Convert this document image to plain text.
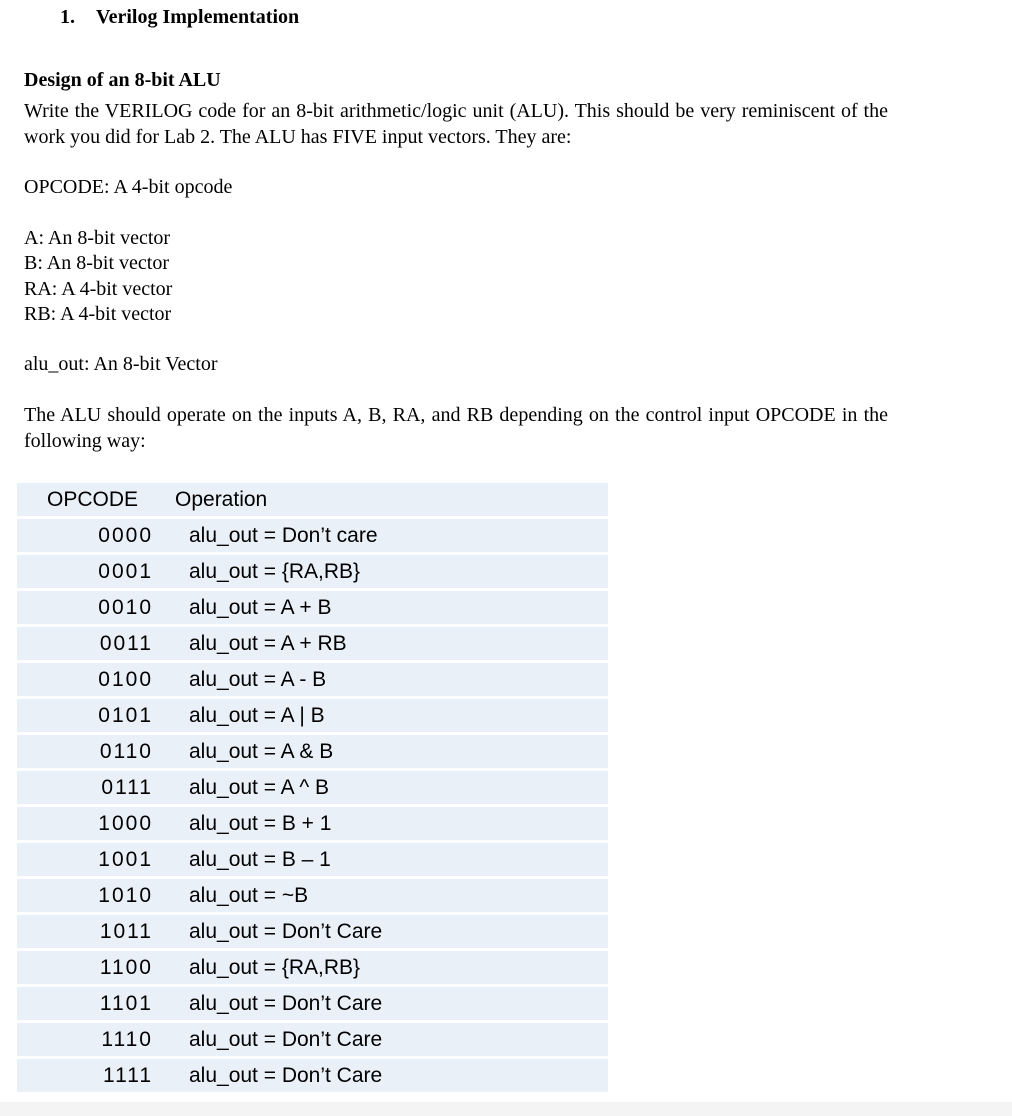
1. Verilog Implementation
Design of an 8-bit ALU

Write the VERILOG code for an 8-bit arithmetic/logic unit (ALU). This should be very reminiscent of the work you did for Lab 2. The ALU has FIVE input vectors. They are:

OPCODE: A 4-bit opcode

A: An 8-bit vector

B: An 8-bit vector

RA: A 4-bit vector

RB: A 4-bit vector

alu_out: An 8-bit Vector

The ALU should operate on the inputs A, B, RA, and RB depending on the control input OPCODE in the following way:

OPCODE	Operation
0000	alu_out = Don’t care
0001	alu_out = {RA,RB}
0010	alu_out = A + B
0011	alu_out = A + RB
0100	alu_out = A - B
0101	alu_out = A | B
0110	alu_out = A & B
0111	alu_out = A ^ B
1000	alu_out = B + 1
1001	alu_out = B – 1
1010	alu_out = ~B
1011	alu_out = Don’t Care
1100	alu_out = {RA,RB}
1101	alu_out = Don’t Care
1110	alu_out = Don’t Care
1111	alu_out = Don’t Care
